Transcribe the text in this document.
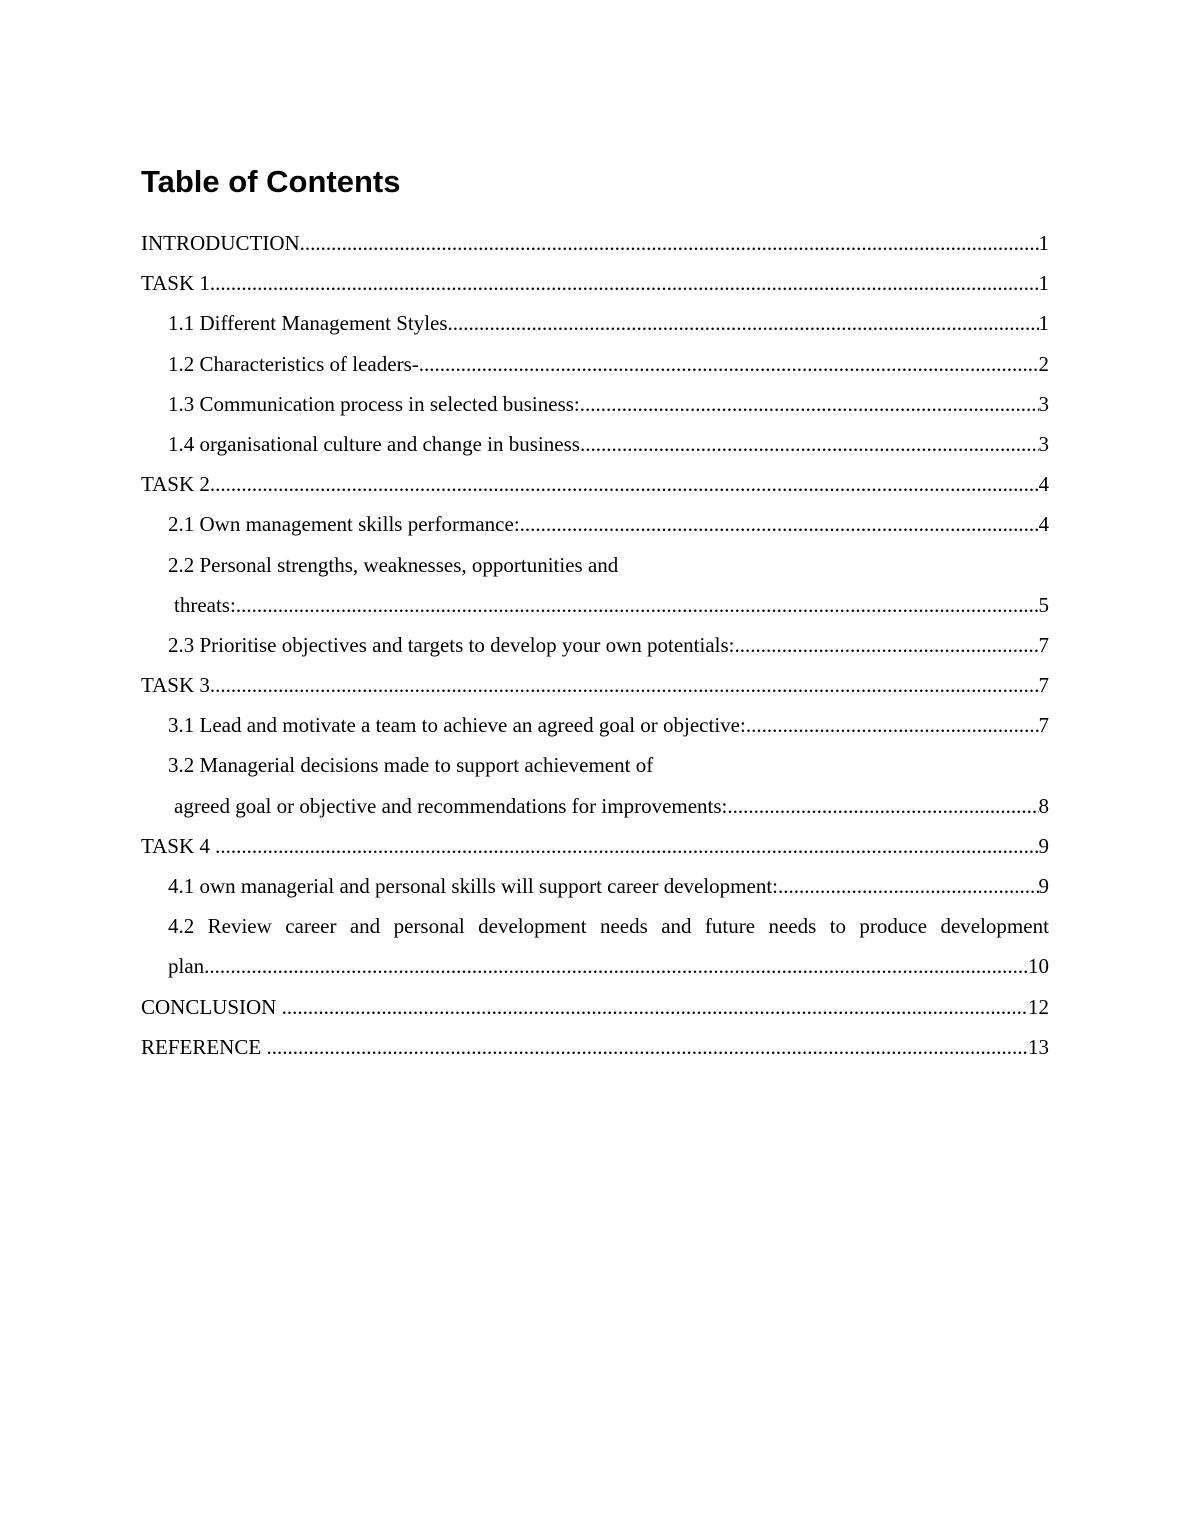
Table of Contents
INTRODUCTION .....	1
TASK 1 .....	1
1.1 Different Management Styles .....	1
1.2 Characteristics of leaders- .....	2
1.3 Communication process in selected business: .....	3
1.4 organisational culture and change in business .....	3
TASK 2 .....	4
2.1 Own management skills performance: .....	4
2.2 Personal strengths, weaknesses, opportunities and
threats: .....	5
2.3 Prioritise objectives and targets to develop your own potentials: .....	7
TASK 3 .....	7
3.1 Lead and motivate a team to achieve an agreed goal or objective: .....	7
3.2 Managerial decisions made to support achievement of
agreed goal or objective and recommendations for improvements: .....	8
TASK 4 .....	9
4.1 own managerial and personal skills will support career development: .....	9
4.2 Review career and personal development needs and future needs to produce development
plan .....	10
CONCLUSION .....	12
REFERENCE .....	13
